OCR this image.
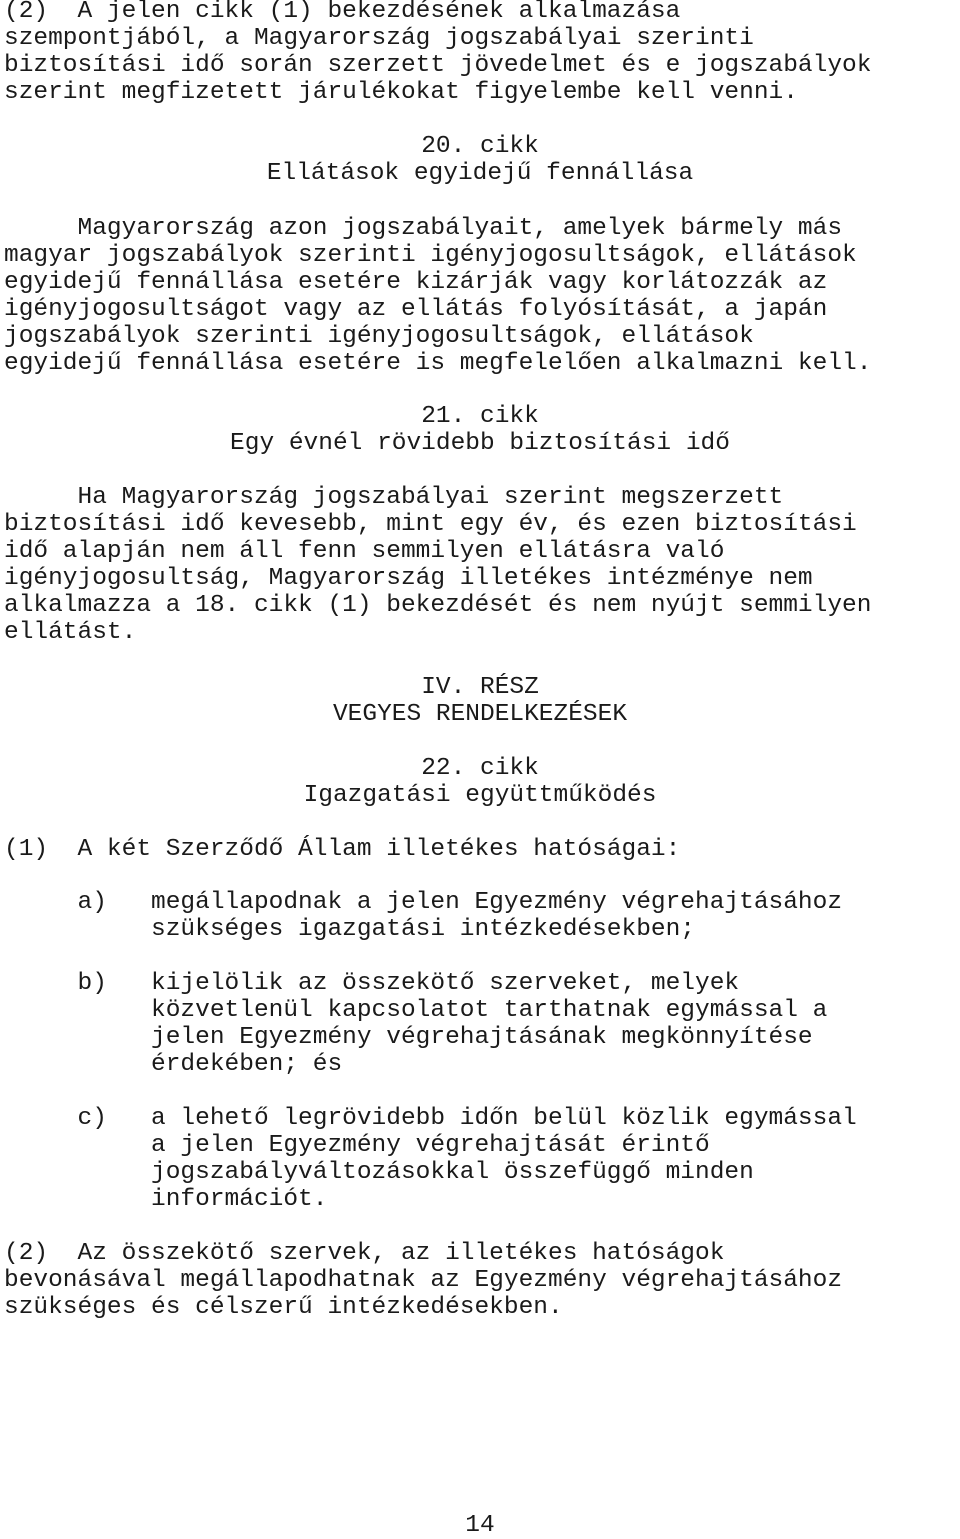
(2)  A jelen cikk (1) bekezdésének alkalmazása

szempontjából, a Magyarország jogszabályai szerinti

biztosítási idő során szerzett jövedelmet és e jogszabályok

szerint megfizetett járulékokat figyelembe kell venni.

20. cikk

Ellátások egyidejű fennállása

Magyarország azon jogszabályait, amelyek bármely más

magyar jogszabályok szerinti igényjogosultságok, ellátások

egyidejű fennállása esetére kizárják vagy korlátozzák az

igényjogosultságot vagy az ellátás folyósítását, a japán

jogszabályok szerinti igényjogosultságok, ellátások

egyidejű fennállása esetére is megfelelően alkalmazni kell.

21. cikk

Egy évnél rövidebb biztosítási idő

Ha Magyarország jogszabályai szerint megszerzett

biztosítási idő kevesebb, mint egy év, és ezen biztosítási

idő alapján nem áll fenn semmilyen ellátásra való

igényjogosultság, Magyarország illetékes intézménye nem

alkalmazza a 18. cikk (1) bekezdését és nem nyújt semmilyen

ellátást.

IV. RÉSZ

VEGYES RENDELKEZÉSEK

22. cikk

Igazgatási együttműködés

(1)  A két Szerződő Állam illetékes hatóságai:

a)   megállapodnak a jelen Egyezmény végrehajtásához

szükséges igazgatási intézkedésekben;

b)   kijelölik az összekötő szerveket, melyek

közvetlenül kapcsolatot tarthatnak egymással a

jelen Egyezmény végrehajtásának megkönnyítése

érdekében; és

c)   a lehető legrövidebb időn belül közlik egymással

a jelen Egyezmény végrehajtását érintő

jogszabályváltozásokkal összefüggő minden

információt.

(2)  Az összekötő szervek, az illetékes hatóságok

bevonásával megállapodhatnak az Egyezmény végrehajtásához

szükséges és célszerű intézkedésekben.

14
